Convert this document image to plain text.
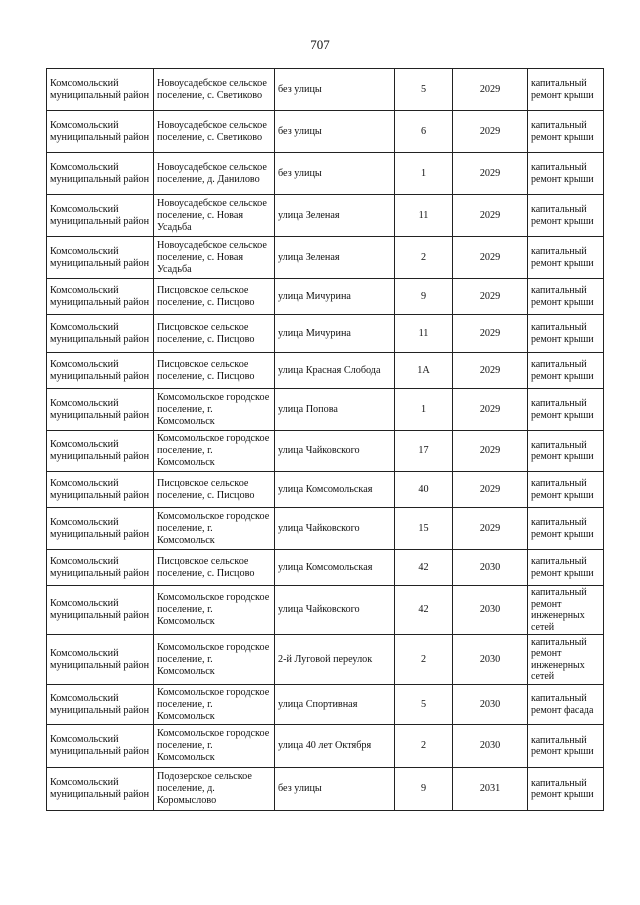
707
Комсомольский муниципальный район	Новоусадебское сельское поселение, с. Светиково	без улицы	5	2029	капитальный ремонт крыши
Комсомольский муниципальный район	Новоусадебское сельское поселение, с. Светиково	без улицы	6	2029	капитальный ремонт крыши
Комсомольский муниципальный район	Новоусадебское сельское поселение, д. Данилово	без улицы	1	2029	капитальный ремонт крыши
Комсомольский муниципальный район	Новоусадебское сельское поселение, с. Новая Усадьба	улица Зеленая	11	2029	капитальный ремонт крыши
Комсомольский муниципальный район	Новоусадебское сельское поселение, с. Новая Усадьба	улица Зеленая	2	2029	капитальный ремонт крыши
Комсомольский муниципальный район	Писцовское сельское поселение, с. Писцово	улица Мичурина	9	2029	капитальный ремонт крыши
Комсомольский муниципальный район	Писцовское сельское поселение, с. Писцово	улица Мичурина	11	2029	капитальный ремонт крыши
Комсомольский муниципальный район	Писцовское сельское поселение, с. Писцово	улица Красная Слобода	1А	2029	капитальный ремонт крыши
Комсомольский муниципальный район	Комсомольское городское поселение, г. Комсомольск	улица Попова	1	2029	капитальный ремонт крыши
Комсомольский муниципальный район	Комсомольское городское поселение, г. Комсомольск	улица Чайковского	17	2029	капитальный ремонт крыши
Комсомольский муниципальный район	Писцовское сельское поселение, с. Писцово	улица Комсомольская	40	2029	капитальный ремонт крыши
Комсомольский муниципальный район	Комсомольское городское поселение, г. Комсомольск	улица Чайковского	15	2029	капитальный ремонт крыши
Комсомольский муниципальный район	Писцовское сельское поселение, с. Писцово	улица Комсомольская	42	2030	капитальный ремонт крыши
Комсомольский муниципальный район	Комсомольское городское поселение, г. Комсомольск	улица Чайковского	42	2030	капитальный ремонт инженерных сетей
Комсомольский муниципальный район	Комсомольское городское поселение, г. Комсомольск	2-й Луговой переулок	2	2030	капитальный ремонт инженерных сетей
Комсомольский муниципальный район	Комсомольское городское поселение, г. Комсомольск	улица Спортивная	5	2030	капитальный ремонт фасада
Комсомольский муниципальный район	Комсомольское городское поселение, г. Комсомольск	улица 40 лет Октября	2	2030	капитальный ремонт крыши
Комсомольский муниципальный район	Подозерское сельское поселение, д. Коромыслово	без улицы	9	2031	капитальный ремонт крыши
